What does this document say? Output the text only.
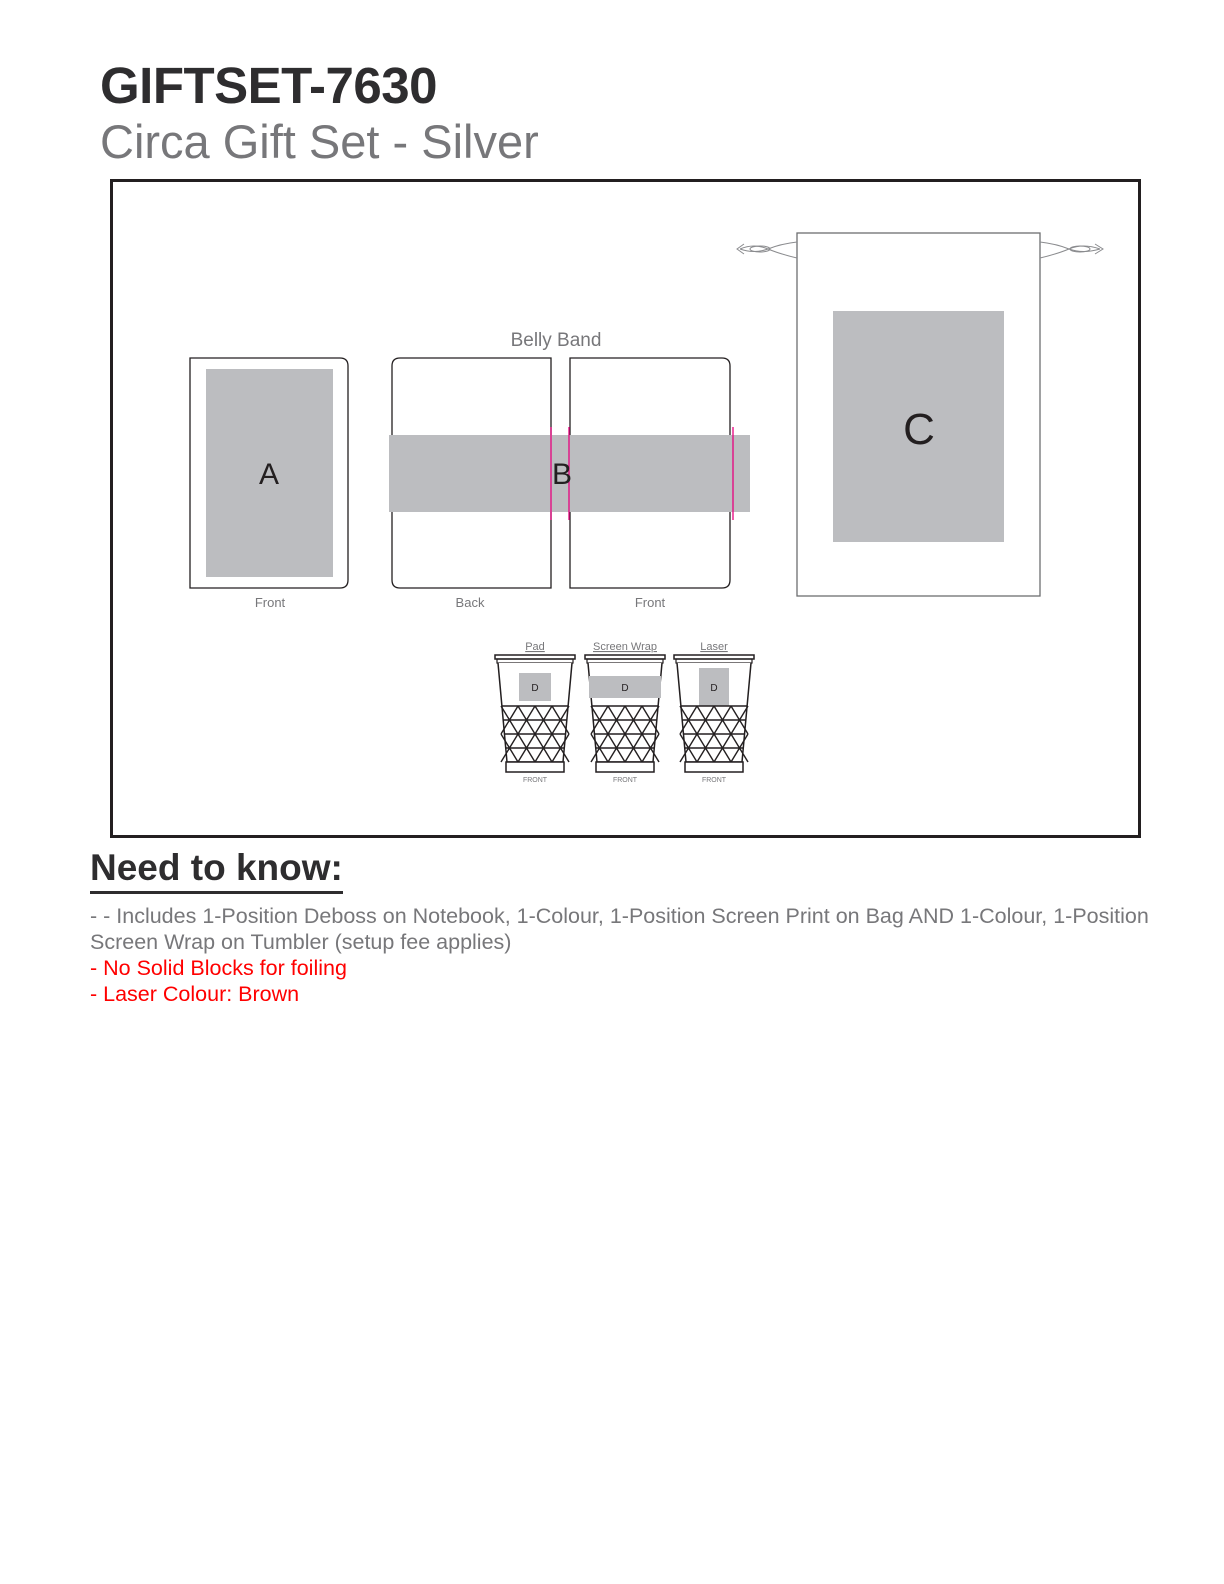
GIFTSET-7630
Circa Gift Set - Silver
A
Front
Belly Band
B
Back	Front
C
Pad
D
FRONT
Screen Wrap
D
FRONT
Laser
D
FRONT
Need to know:
- - Includes 1-Position Deboss on Notebook, 1-Colour, 1-Position Screen Print on Bag AND 1-Colour, 1-Position Screen Wrap on Tumbler (setup fee applies)
- No Solid Blocks for foiling
- Laser Colour: Brown
